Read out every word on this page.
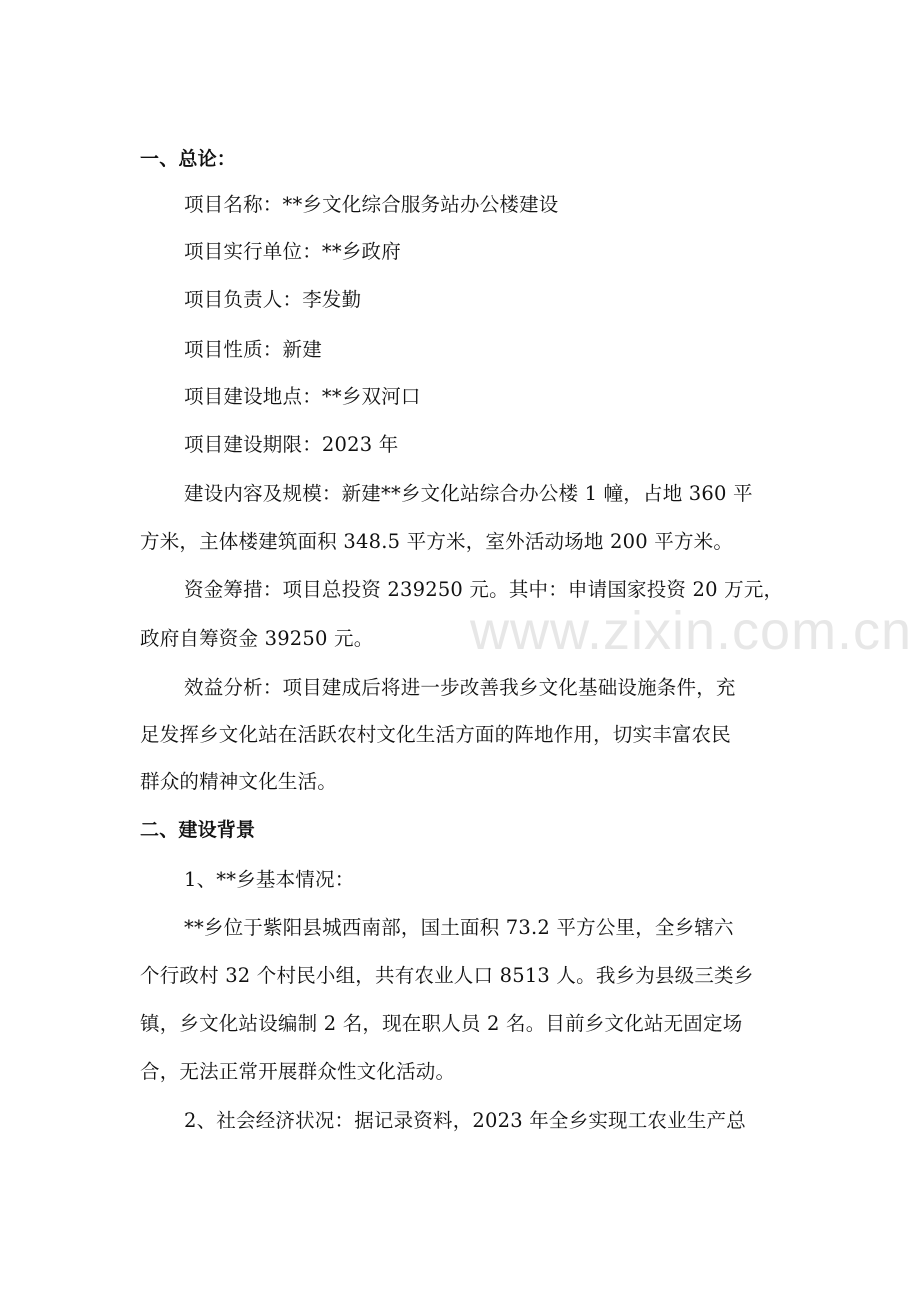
www.zixin.com.cn
一、总论：
项目名称：**乡文化综合服务站办公楼建设
项目实行单位：**乡政府
项目负责人：李发勤
项目性质：新建
项目建设地点：**乡双河口
项目建设期限：2023 年
建设内容及规模：新建**乡文化站综合办公楼 1 幢，占地 360 平
方米，主体楼建筑面积 348.5 平方米，室外活动场地 200 平方米。
资金筹措：项目总投资 239250 元。其中：申请国家投资 20 万元，
政府自筹资金 39250 元。
效益分析：项目建成后将进一步改善我乡文化基础设施条件，充
足发挥乡文化站在活跃农村文化生活方面的阵地作用，切实丰富农民
群众的精神文化生活。
二、建设背景
1、**乡基本情况：
**乡位于紫阳县城西南部，国土面积 73.2 平方公里，全乡辖六
个行政村 32 个村民小组，共有农业人口 8513 人。我乡为县级三类乡
镇，乡文化站设编制 2 名，现在职人员 2 名。目前乡文化站无固定场
合，无法正常开展群众性文化活动。
2、社会经济状况：据记录资料，2023 年全乡实现工农业生产总
